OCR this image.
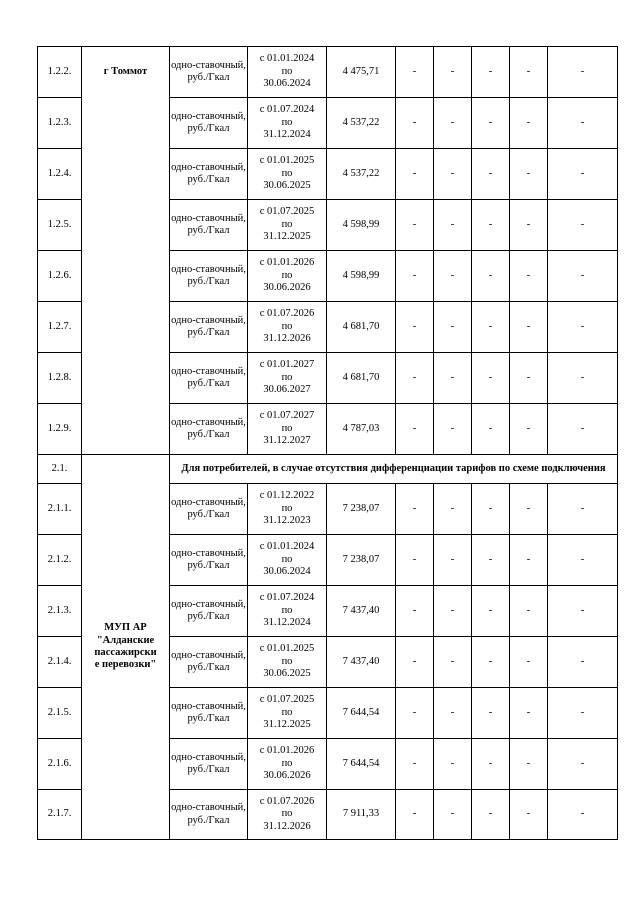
1.2.2.	г Томмот	одно-ставочный, руб./Гкал	с 01.01.2024
по
30.06.2024	4 475,71	-	-	-	-	-
1.2.3.		одно-ставочный, руб./Гкал	с 01.07.2024
по
31.12.2024	4 537,22	-	-	-	-	-
1.2.4.		одно-ставочный, руб./Гкал	с 01.01.2025
по
30.06.2025	4 537,22	-	-	-	-	-
1.2.5.		одно-ставочный, руб./Гкал	с 01.07.2025
по
31.12.2025	4 598,99	-	-	-	-	-
1.2.6.		одно-ставочный, руб./Гкал	с 01.01.2026
по
30.06.2026	4 598,99	-	-	-	-	-
1.2.7.		одно-ставочный, руб./Гкал	с 01.07.2026
по
31.12.2026	4 681,70	-	-	-	-	-
1.2.8.		одно-ставочный, руб./Гкал	с 01.01.2027
по
30.06.2027	4 681,70	-	-	-	-	-
1.2.9.		одно-ставочный, руб./Гкал	с 01.07.2027
по
31.12.2027	4 787,03	-	-	-	-	-
2.1.	МУП АР
"Алданские
пассажирски
е перевозки"	Для потребителей, в случае отсутствия дифференциации тарифов по схеме подключения							
2.1.1.		одно-ставочный, руб./Гкал	с 01.12.2022
по
31.12.2023	7 238,07	-	-	-	-	-
2.1.2.		одно-ставочный, руб./Гкал	с 01.01.2024
по
30.06.2024	7 238,07	-	-	-	-	-
2.1.3.		одно-ставочный, руб./Гкал	с 01.07.2024
по
31.12.2024	7 437,40	-	-	-	-	-
2.1.4.		одно-ставочный, руб./Гкал	с 01.01.2025
по
30.06.2025	7 437,40	-	-	-	-	-
2.1.5.		одно-ставочный, руб./Гкал	с 01.07.2025
по
31.12.2025	7 644,54	-	-	-	-	-
2.1.6.		одно-ставочный, руб./Гкал	с 01.01.2026
по
30.06.2026	7 644,54	-	-	-	-	-
2.1.7.		одно-ставочный, руб./Гкал	с 01.07.2026
по
31.12.2026	7 911,33	-	-	-	-	-
